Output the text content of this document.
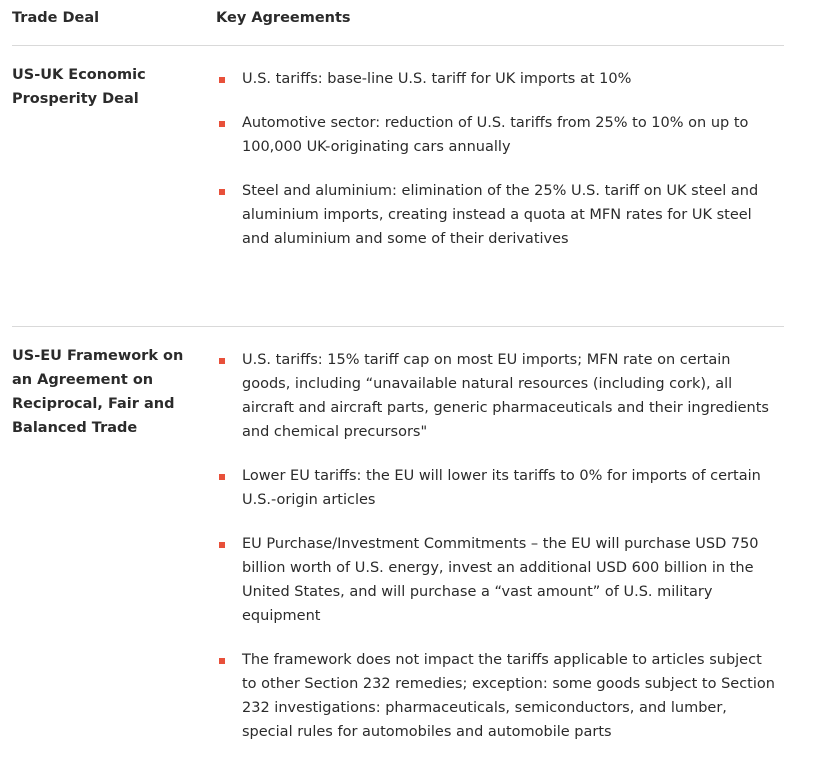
Trade Deal	Key Agreements
US-UK Economic Prosperity Deal
U.S. tariffs: base-line U.S. tariff for UK imports at 10%
Automotive sector: reduction of U.S. tariffs from 25% to 10% on up to 100,000 UK-originating cars annually
Steel and aluminium: elimination of the 25% U.S. tariff on UK steel and aluminium imports, creating instead a quota at MFN rates for UK steel and aluminium and some of their derivatives
US-EU Framework on an Agreement on Reciprocal, Fair and Balanced Trade
U.S. tariffs: 15% tariff cap on most EU imports; MFN rate on certain goods, including “unavailable natural resources (including cork), all aircraft and aircraft parts, generic pharmaceuticals and their ingredients and chemical precursors"
Lower EU tariffs: the EU will lower its tariffs to 0% for imports of certain U.S.-origin articles
EU Purchase/Investment Commitments – the EU will purchase USD 750 billion worth of U.S. energy, invest an additional USD 600 billion in the United States, and will purchase a “vast amount” of U.S. military equipment
The framework does not impact the tariffs applicable to articles subject to other Section 232 remedies; exception: some goods subject to Section 232 investigations: pharmaceuticals, semiconductors, and lumber, special rules for automobiles and automobile parts
